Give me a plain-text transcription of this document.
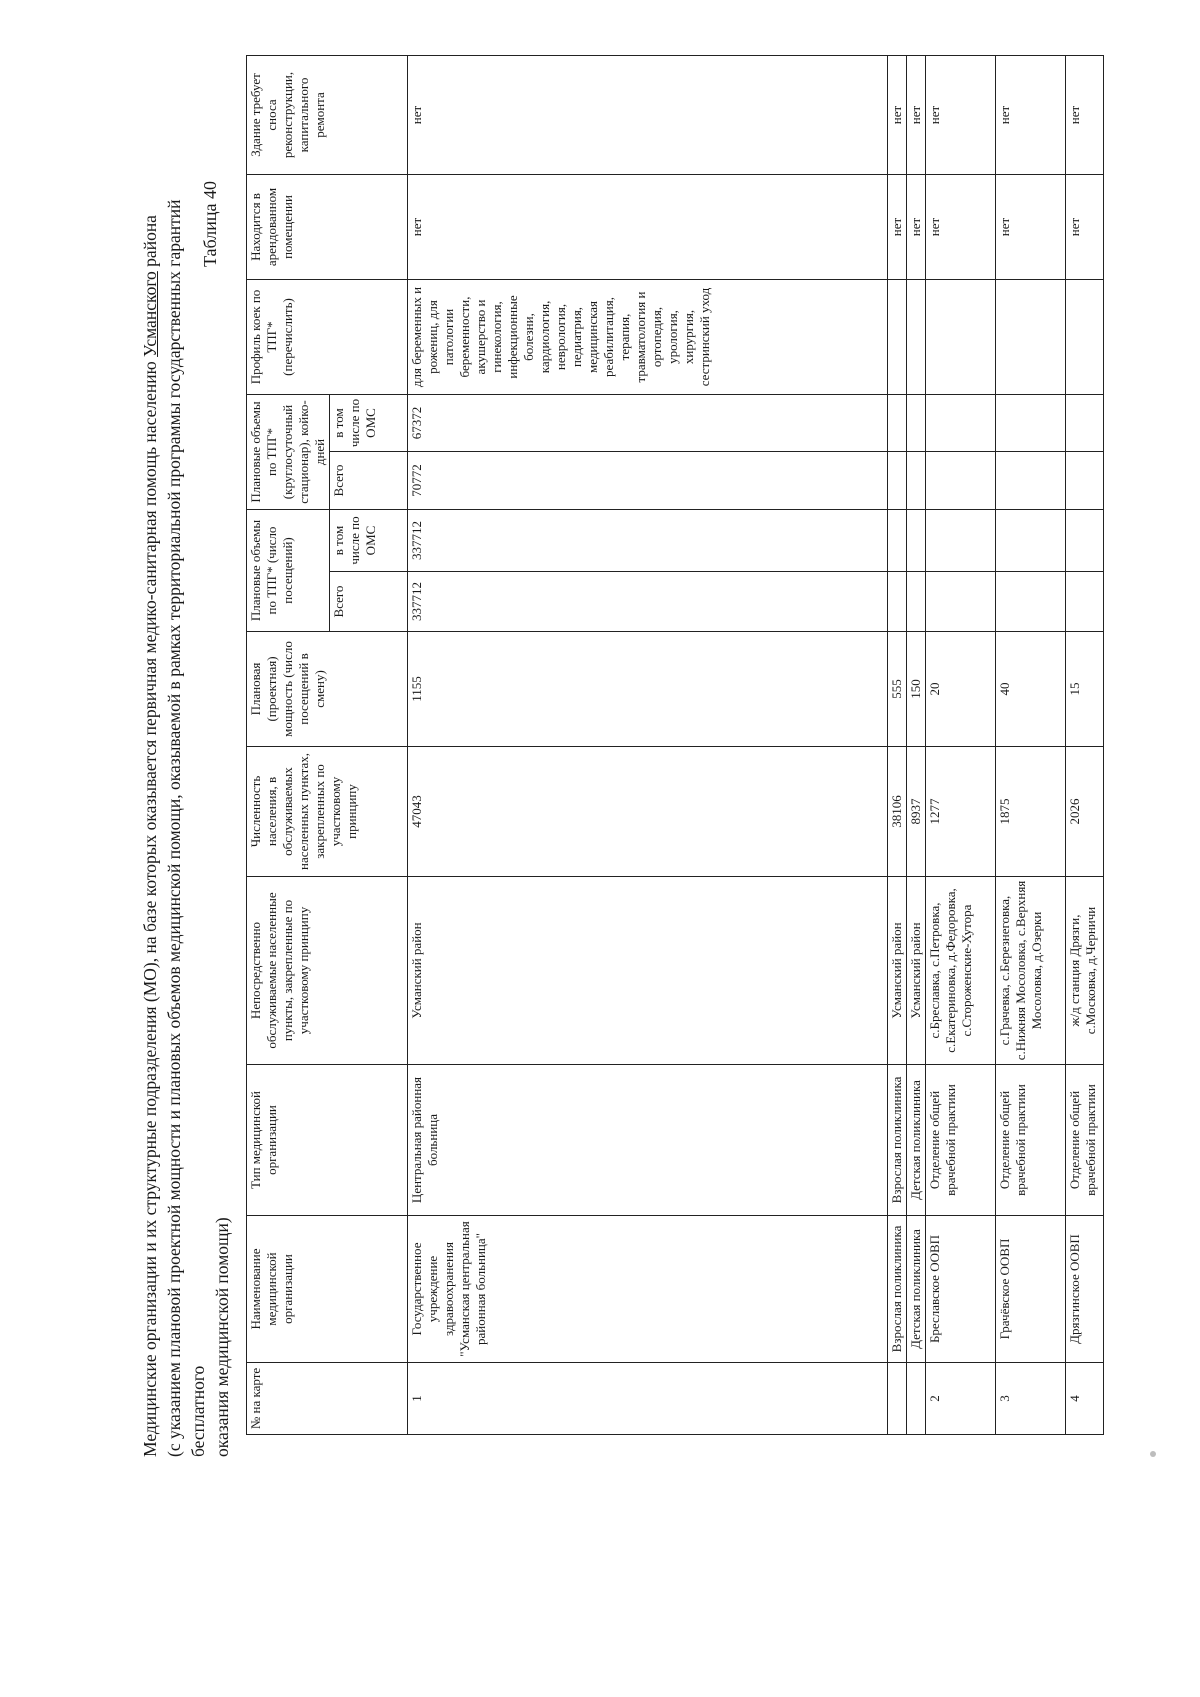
Медицинские организации и их структурные подразделения (МО), на базе которых оказывается первичная медико-санитарная помощь населению Усманского района (с указанием плановой проектной мощности и плановых объемов медицинской помощи, оказываемой в рамках территориальной программы государственных гарантий бесплатного оказания медицинской помощи)
Таблица 40
№ на карте	Наименование медицинской организации	Тип медицинской организации	Непосредственно обслуживаемые населенные пункты, закрепленные по участковому принципу	Численность населения, в обслуживаемых населенных пунктах, закрепленных по участковому принципу	Плановая (проектная) мощность (число посещений в смену)	Плановые объемы по ТПГ* (число посещений)		Плановые объемы по ТПГ* (круглосуточный стационар), койко-дней		Профиль коек по ТПГ* (перечислить)	Находится в арендованном помещении	Здание требует сноса реконструкции, капитального ремонта
						Всего	в том числе по ОМС	Всего	в том числе по ОМС			
1	Государственное учреждение здравоохранения "Усманская центральная районная больница"	Центральная районная больница	Усманский район	47043	1155	337712	337712	70772	67372	для беременных и рожениц, для патологии беременности, акушерство и гинекология, инфекционные болезни, кардиология, неврология, педиатрия, медицинская реабилитация, терапия, травматология и ортопедия, урология, хирургия, сестринский уход	нет	нет
	Взрослая поликлиника	Взрослая поликлиника	Усманский район	38106	555						нет	нет
	Детская поликлиника	Детская поликлиника	Усманский район	8937	150						нет	нет
2	Бреславское ООВП	Отделение общей врачебной практики	с.Бреславка, с.Петровка, с.Екатериновка, д.Федоровка, с.Стороженские-Хутора	1277	20						нет	нет
3	Грачёвское ООВП	Отделение общей врачебной практики	с.Грачевка, с.Березнеговка, с.Нижняя Мосоловка, с.Верхняя Мосоловка, д.Озерки	1875	40						нет	нет
4	Дрязгинское ООВП	Отделение общей врачебной практики	ж/д станция Дрязги, с.Московка, д.Черничи	2026	15						нет	нет
